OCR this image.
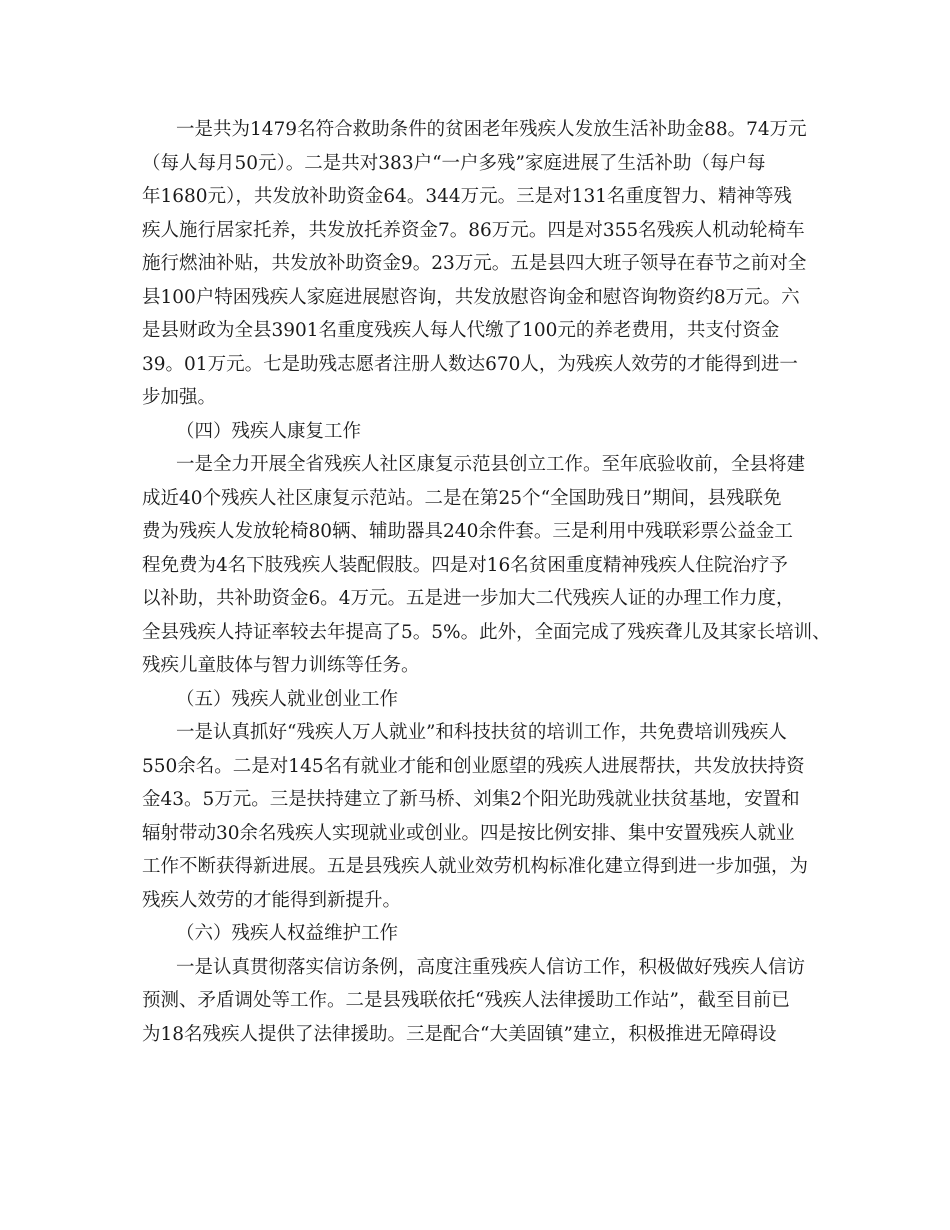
一是共为1479名符合救助条件的贫困老年残疾人发放生活补助金88。74万元
（每人每月50元）。二是共对383户“一户多残”家庭进展了生活补助（每户每
年1680元），共发放补助资金64。344万元。三是对131名重度智力、精神等残
疾人施行居家托养，共发放托养资金7。86万元。四是对355名残疾人机动轮椅车
施行燃油补贴，共发放补助资金9。23万元。五是县四大班子领导在春节之前对全
县100户特困残疾人家庭进展慰咨询，共发放慰咨询金和慰咨询物资约8万元。六
是县财政为全县3901名重度残疾人每人代缴了100元的养老费用，共支付资金
39。01万元。七是助残志愿者注册人数达670人，为残疾人效劳的才能得到进一
步加强。
（四）残疾人康复工作
一是全力开展全省残疾人社区康复示范县创立工作。至年底验收前，全县将建
成近40个残疾人社区康复示范站。二是在第25个“全国助残日”期间，县残联免
费为残疾人发放轮椅80辆、辅助器具240余件套。三是利用中残联彩票公益金工
程免费为4名下肢残疾人装配假肢。四是对16名贫困重度精神残疾人住院治疗予
以补助，共补助资金6。4万元。五是进一步加大二代残疾人证的办理工作力度，
全县残疾人持证率较去年提高了5。5%。此外，全面完成了残疾聋儿及其家长培训、
残疾儿童肢体与智力训练等任务。
（五）残疾人就业创业工作
一是认真抓好“残疾人万人就业”和科技扶贫的培训工作，共免费培训残疾人
550余名。二是对145名有就业才能和创业愿望的残疾人进展帮扶，共发放扶持资
金43。5万元。三是扶持建立了新马桥、刘集2个阳光助残就业扶贫基地，安置和
辐射带动30余名残疾人实现就业或创业。四是按比例安排、集中安置残疾人就业
工作不断获得新进展。五是县残疾人就业效劳机构标准化建立得到进一步加强，为
残疾人效劳的才能得到新提升。
（六）残疾人权益维护工作
一是认真贯彻落实信访条例，高度注重残疾人信访工作，积极做好残疾人信访
预测、矛盾调处等工作。二是县残联依托“残疾人法律援助工作站”，截至目前已
为18名残疾人提供了法律援助。三是配合“大美固镇”建立，积极推进无障碍设
